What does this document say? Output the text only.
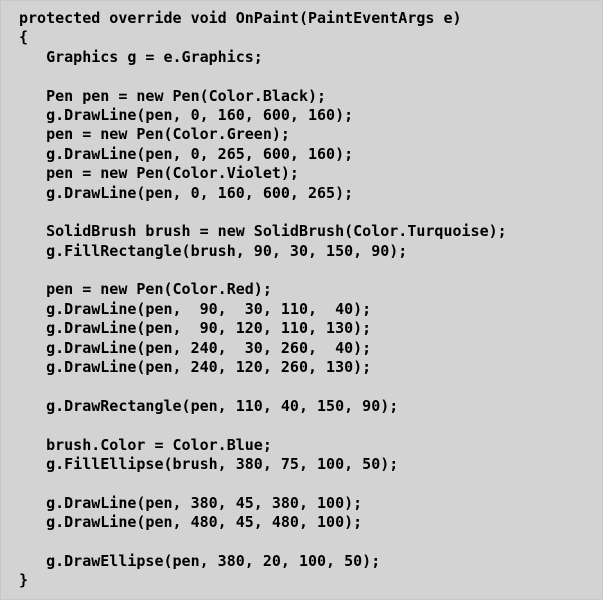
protected override void OnPaint(PaintEventArgs e)
{
Graphics g = e.Graphics;
Pen pen = new Pen(Color.Black);
g.DrawLine(pen, 0, 160, 600, 160);
pen = new Pen(Color.Green);
g.DrawLine(pen, 0, 265, 600, 160);
pen = new Pen(Color.Violet);
g.DrawLine(pen, 0, 160, 600, 265);
SolidBrush brush = new SolidBrush(Color.Turquoise);
g.FillRectangle(brush, 90, 30, 150, 90);
pen = new Pen(Color.Red);
g.DrawLine(pen,  90,  30, 110,  40);
g.DrawLine(pen,  90, 120, 110, 130);
g.DrawLine(pen, 240,  30, 260,  40);
g.DrawLine(pen, 240, 120, 260, 130);
g.DrawRectangle(pen, 110, 40, 150, 90);
brush.Color = Color.Blue;
g.FillEllipse(brush, 380, 75, 100, 50);
g.DrawLine(pen, 380, 45, 380, 100);
g.DrawLine(pen, 480, 45, 480, 100);
g.DrawEllipse(pen, 380, 20, 100, 50);
}
